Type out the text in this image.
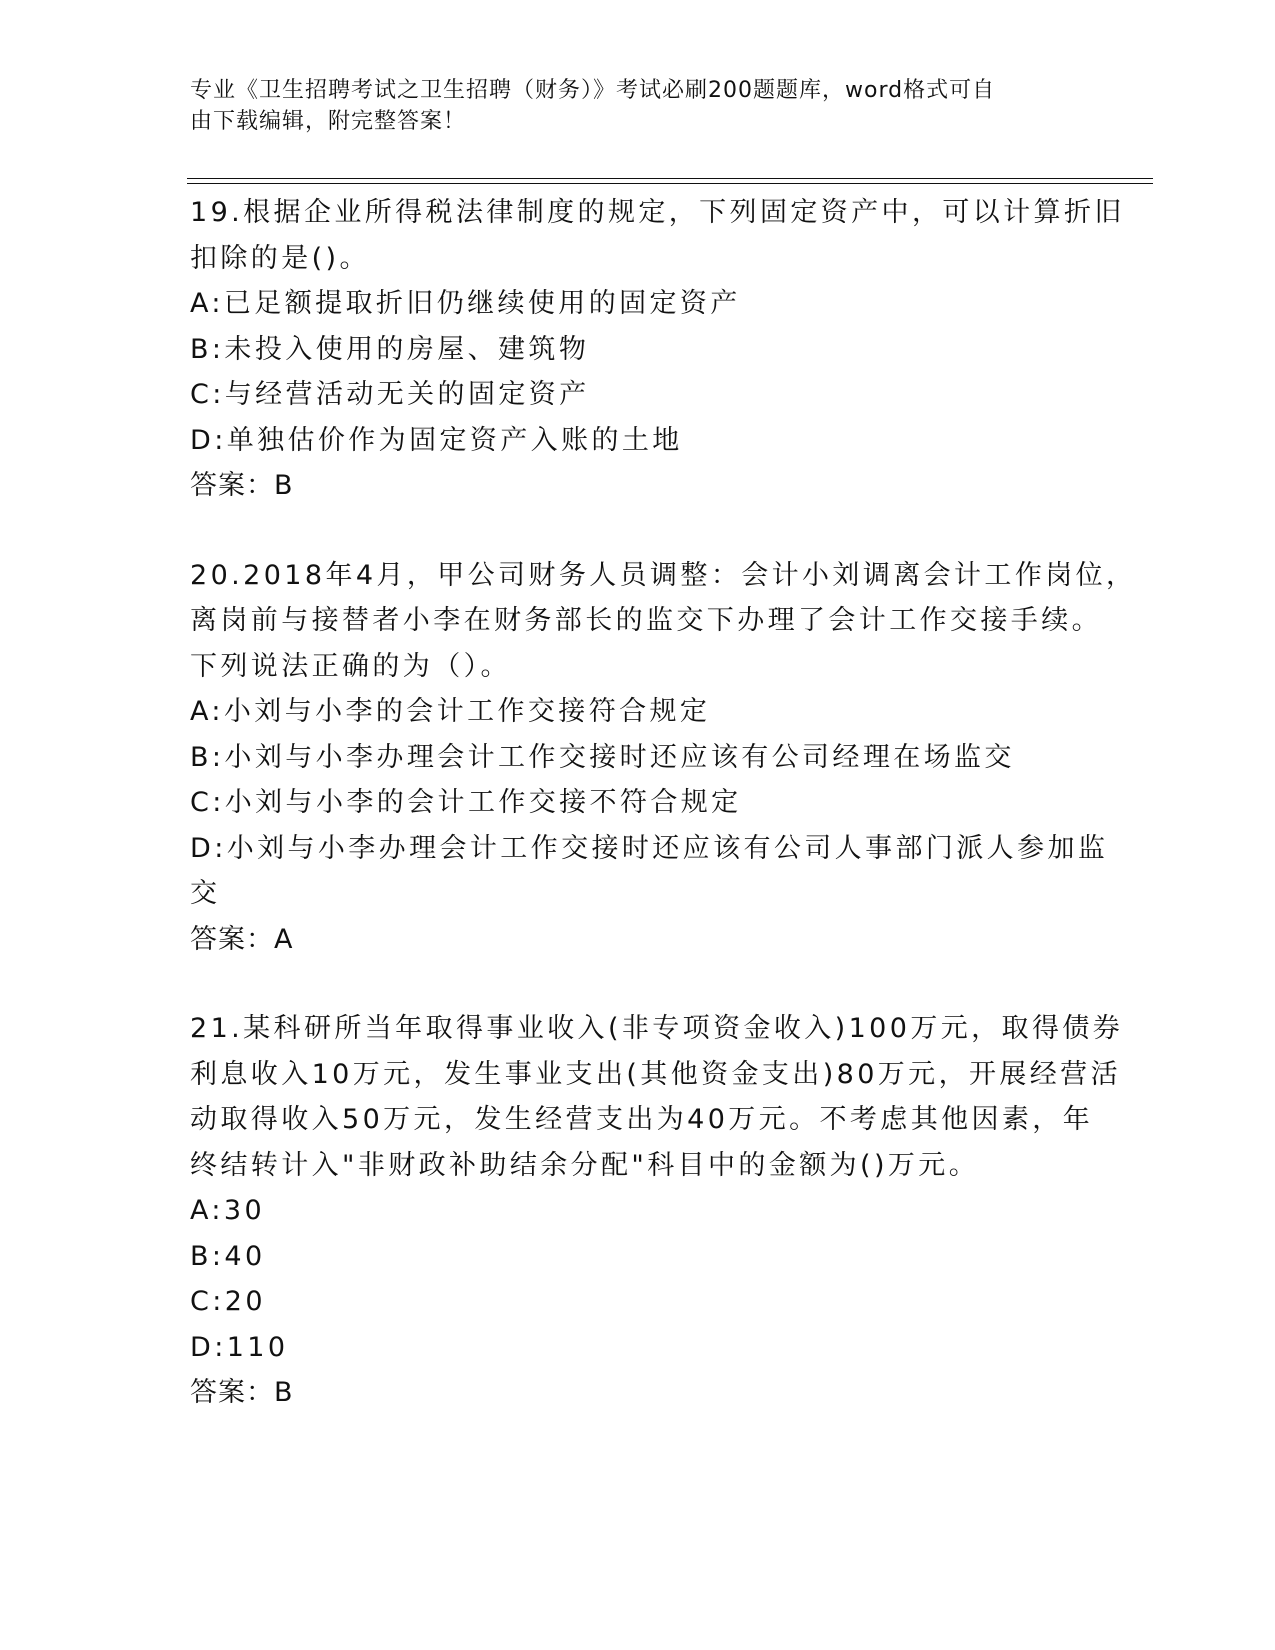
专业《卫生招聘考试之卫生招聘（财务）》考试必刷200题题库，word格式可自
由下载编辑，附完整答案！
19.根据企业所得税法律制度的规定，下列固定资产中，可以计算折旧
扣除的是()。
A: 已足额提取折旧仍继续使用的固定资产
B: 未投入使用的房屋、建筑物
C: 与经营活动无关的固定资产
D: 单独估价作为固定资产入账的土地
答案：B
20.2018年4月，甲公司财务人员调整：会计小刘调离会计工作岗位，
离岗前与接替者小李在财务部长的监交下办理了会计工作交接手续。
下列说法正确的为（）。
A: 小刘与小李的会计工作交接符合规定
B: 小刘与小李办理会计工作交接时还应该有公司经理在场监交
C: 小刘与小李的会计工作交接不符合规定
D: 小刘与小李办理会计工作交接时还应该有公司人事部门派人参加监
交
答案：A
21.某科研所当年取得事业收入(非专项资金收入)100万元，取得债券
利息收入10万元，发生事业支出(其他资金支出)80万元，开展经营活
动取得收入50万元，发生经营支出为40万元。不考虑其他因素，年
终结转计入"非财政补助结余分配"科目中的金额为()万元。
A: 30
B: 40
C: 20
D: 110
答案：B
